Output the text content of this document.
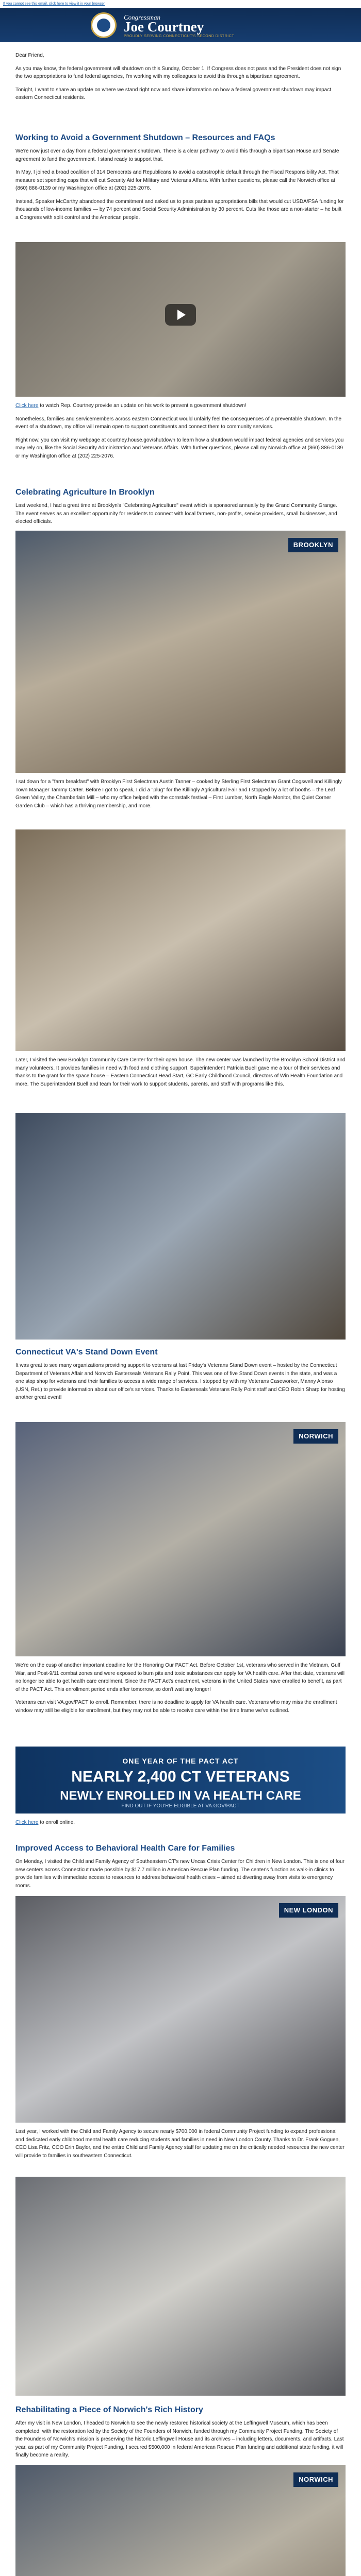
If you cannot see this email, click here to view it in your browser
Congressman
Joe Courtney
PROUDLY SERVING CONNECTICUT'S SECOND DISTRICT

Dear Friend,

As you may know, the federal government will shutdown on this Sunday, October 1. If Congress does not pass and the President does not sign the two appropriations to fund federal agencies, I'm working with my colleagues to avoid this through a bipartisan agreement.

Tonight, I want to share an update on where we stand right now and share information on how a federal government shutdown may impact eastern Connecticut residents.

Working to Avoid a Government Shutdown – Resources and FAQs

We're now just over a day from a federal government shutdown. There is a clear pathway to avoid this through a bipartisan House and Senate agreement to fund the government. I stand ready to support that.

In May, I joined a broad coalition of 314 Democrats and Republicans to avoid a catastrophic default through the Fiscal Responsibility Act. That measure set spending caps that will cut Security Aid for Military and Veterans Affairs. With further questions, please call the Norwich office at (860) 886-0139 or my Washington office at (202) 225-2076.

Instead, Speaker McCarthy abandoned the commitment and asked us to pass partisan appropriations bills that would cut USDA/FSA funding for thousands of low-income families — by 74 percent and Social Security Administration by 30 percent. Cuts like those are a non-starter – he built a Congress with split control and the American people.

Click here to watch Rep. Courtney provide an update on his work to prevent a government shutdown!

Nonetheless, families and servicemembers across eastern Connecticut would unfairly feel the consequences of a preventable shutdown. In the event of a shutdown, my office will remain open to support constituents and connect them to community services.

Right now, you can visit my webpage at courtney.house.gov/shutdown to learn how a shutdown would impact federal agencies and services you may rely on, like the Social Security Administration and Veterans Affairs. With further questions, please call my Norwich office at (860) 886-0139 or my Washington office at (202) 225-2076.

Celebrating Agriculture In Brooklyn

Last weekend, I had a great time at Brooklyn's "Celebrating Agriculture" event which is sponsored annually by the Grand Community Grange. The event serves as an excellent opportunity for residents to connect with local farmers, non-profits, service providers, small businesses, and elected officials.

BROOKLYN

I sat down for a "farm breakfast" with Brooklyn First Selectman Austin Tanner – cooked by Sterling First Selectman Grant Cogswell and Killingly Town Manager Tammy Carter. Before I got to speak, I did a "plug" for the Killingly Agricultural Fair and I stopped by a lot of booths – the Leaf Green Valley, the Chamberlain Mill – who my office helped with the cornstalk festival – First Lumber, North Eagle Monitor, the Quiet Corner Garden Club – which has a thriving membership, and more.

Later, I visited the new Brooklyn Community Care Center for their open house. The new center was launched by the Brooklyn School District and many volunteers. It provides families in need with food and clothing support. Superintendent Patricia Buell gave me a tour of their services and thanks to the grant for the space house – Eastern Connecticut Head Start, GC Early Childhood Council, directors of Win Health Foundation and more. The Superintendent Buell and team for their work to support students, parents, and staff with programs like this.

Connecticut VA's Stand Down Event

It was great to see many organizations providing support to veterans at last Friday's Veterans Stand Down event – hosted by the Connecticut Department of Veterans Affair and Norwich Easterseals Veterans Rally Point. This was one of five Stand Down events in the state, and was a one stop shop for veterans and their families to access a wide range of services. I stopped by with my Veterans Caseworker, Manny Alonso (USN, Ret.) to provide information about our office's services. Thanks to Easterseals Veterans Rally Point staff and CEO Robin Sharp for hosting another great event!

NORWICH

We're on the cusp of another important deadline for the Honoring Our PACT Act. Before October 1st, veterans who served in the Vietnam, Gulf War, and Post-9/11 combat zones and were exposed to burn pits and toxic substances can apply for VA health care. After that date, veterans will no longer be able to get health care enrollment. Since the PACT Act's enactment, veterans in the United States have enrolled to benefit, as part of the PACT Act. This enrollment period ends after tomorrow, so don't wait any longer!

Veterans can visit VA.gov/PACT to enroll. Remember, there is no deadline to apply for VA health care. Veterans who may miss the enrollment window may still be eligible for enrollment, but they may not be able to receive care within the time frame we've outlined.

ONE YEAR OF THE PACT ACT
NEARLY 2,400 CT VETERANS
NEWLY ENROLLED IN VA HEALTH CARE
FIND OUT IF YOU'RE ELIGIBLE AT VA.GOV/PACT

Click here to enroll online.

Improved Access to Behavioral Health Care for Families

On Monday, I visited the Child and Family Agency of Southeastern CT's new Uncas Crisis Center for Children in New London. This is one of four new centers across Connecticut made possible by $17.7 million in American Rescue Plan funding. The center's function as walk-in clinics to provide families with immediate access to resources to address behavioral health crises – aimed at diverting away from visits to emergency rooms.

NEW LONDON

Last year, I worked with the Child and Family Agency to secure nearly $700,000 in federal Community Project funding to expand professional and dedicated early childhood mental health care reducing students and families in need in New London County. Thanks to Dr. Frank Goguen, CEO Lisa Fritz, COO Erin Baylor, and the entire Child and Family Agency staff for updating me on the critically needed resources the new center will provide to families in southeastern Connecticut.

Rehabilitating a Piece of Norwich's Rich History

After my visit in New London, I headed to Norwich to see the newly restored historical society at the Leffingwell Museum, which has been completed, with the restoration led by the Society of the Founders of Norwich, funded through my Community Project Funding. The Society of the Founders of Norwich's mission is preserving the historic Leffingwell House and its archives – including letters, documents, and artifacts. Last year, as part of my Community Project Funding, I secured $500,000 in federal American Rescue Plan funding and additional state funding, it will finally become a reality.

NORWICH
